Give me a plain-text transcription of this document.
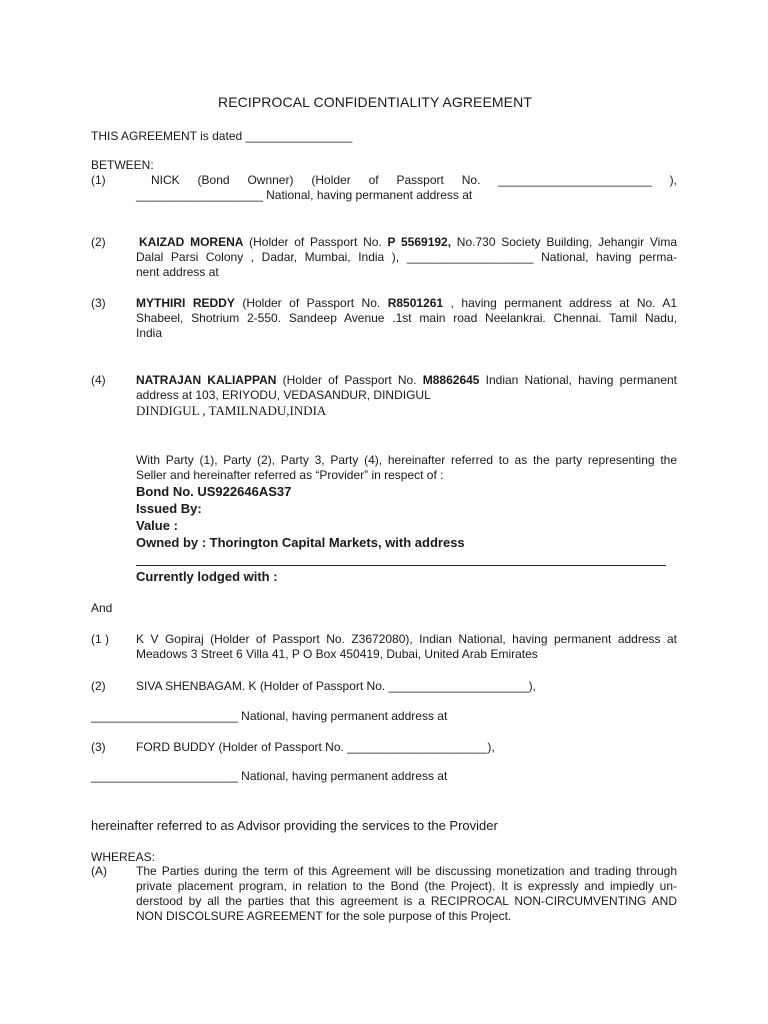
RECIPROCAL CONFIDENTIALITY AGREEMENT
THIS AGREEMENT is dated ________________
BETWEEN:
(1)	NICK (Bond Ownner) (Holder of Passport No. _______________________ ),
___________________ National, having permanent address at
(2)	KAIZAD MORENA (Holder of Passport No. P 5569192, No.730 Society Building, Jehangir Vima
Dalal Parsi Colony , Dadar, Mumbai, India ), ___________________ National, having perma-
nent address at
(3)	MYTHIRI REDDY (Holder of Passport No. R8501261 , having permanent address at No. A1
Shabeel, Shotrium 2-550. Sandeep Avenue .1st main road Neelankrai. Chennai. Tamil Nadu,
India
(4)	NATRAJAN KALIAPPAN (Holder of Passport No. M8862645 Indian National, having permanent
address at 103, ERIYODU, VEDASANDUR, DINDIGUL
DINDIGUL , TAMILNADU,INDIA
With Party (1), Party (2), Party 3, Party (4), hereinafter referred to as the party representing the
Seller and hereinafter referred as “Provider” in respect of :
Bond No. US922646AS37
Issued By:
Value :
Owned by : Thorington Capital Markets, with address
Currently lodged with :
And
(1 ) K V Gopiraj (Holder of Passport No. Z3672080), Indian National, having permanent address at
Meadows 3 Street 6 Villa 41, P O Box 450419, Dubai, United Arab Emirates
(2)	SIVA SHENBAGAM. K (Holder of Passport No. _____________________),
______________________ National, having permanent address at
(3)	FORD BUDDY (Holder of Passport No. _____________________),
______________________ National, having permanent address at
hereinafter referred to as Advisor providing the services to the Provider
WHEREAS:
(A) The Parties during the term of this Agreement will be discussing monetization and trading through
private placement program, in relation to the Bond (the Project). It is expressly and impiedly un-
derstood by all the parties that this agreement is a RECIPROCAL NON-CIRCUMVENTING AND
NON DISCOLSURE AGREEMENT for the sole purpose of this Project.
